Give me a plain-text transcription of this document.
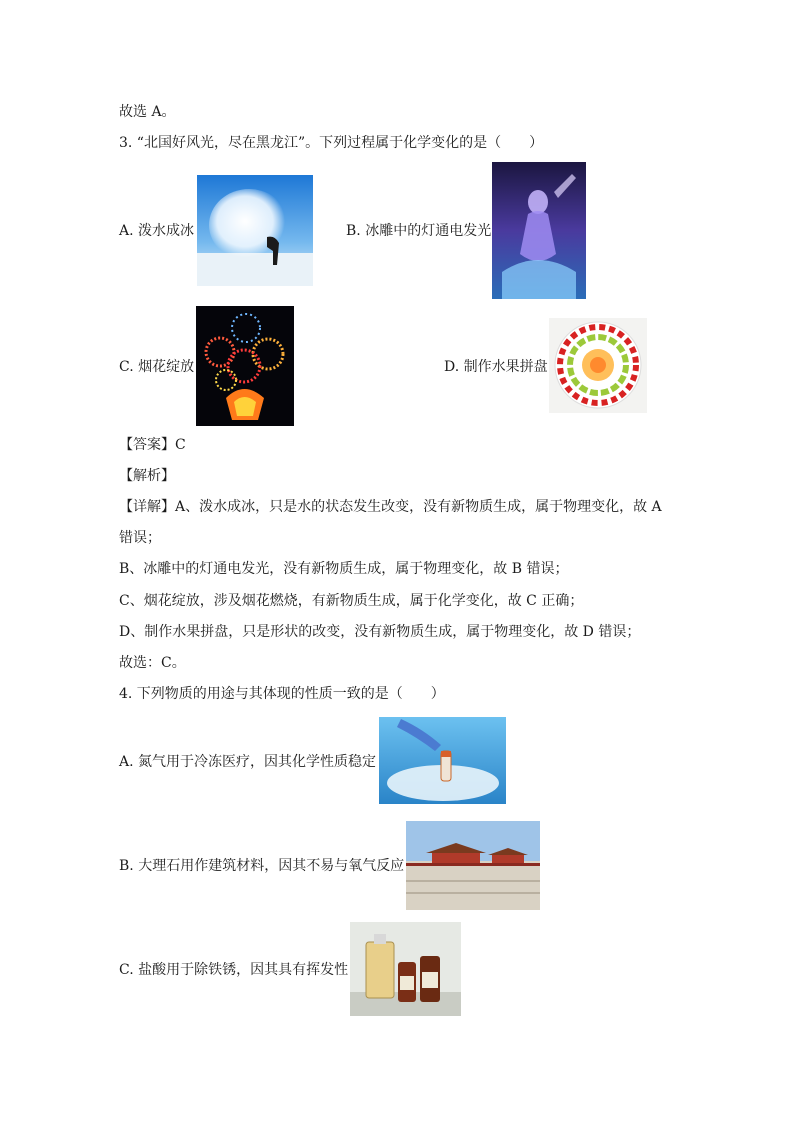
故选 A。
3. “北国好风光，尽在黑龙江”。下列过程属于化学变化的是（　　）
A. 泼水成冰	B. 冰雕中的灯通电发光
C. 烟花绽放	D. 制作水果拼盘
【答案】C
【解析】
【详解】A、泼水成冰，只是水的状态发生改变，没有新物质生成，属于物理变化，故 A
错误；
B、冰雕中的灯通电发光，没有新物质生成，属于物理变化，故 B 错误；
C、烟花绽放，涉及烟花燃烧，有新物质生成，属于化学变化，故 C 正确；
D、制作水果拼盘，只是形状的改变，没有新物质生成，属于物理变化，故 D 错误；
故选：C。
4. 下列物质的用途与其体现的性质一致的是（　　）
A. 氮气用于冷冻医疗，因其化学性质稳定
B. 大理石用作建筑材料，因其不易与氧气反应
C. 盐酸用于除铁锈，因其具有挥发性
